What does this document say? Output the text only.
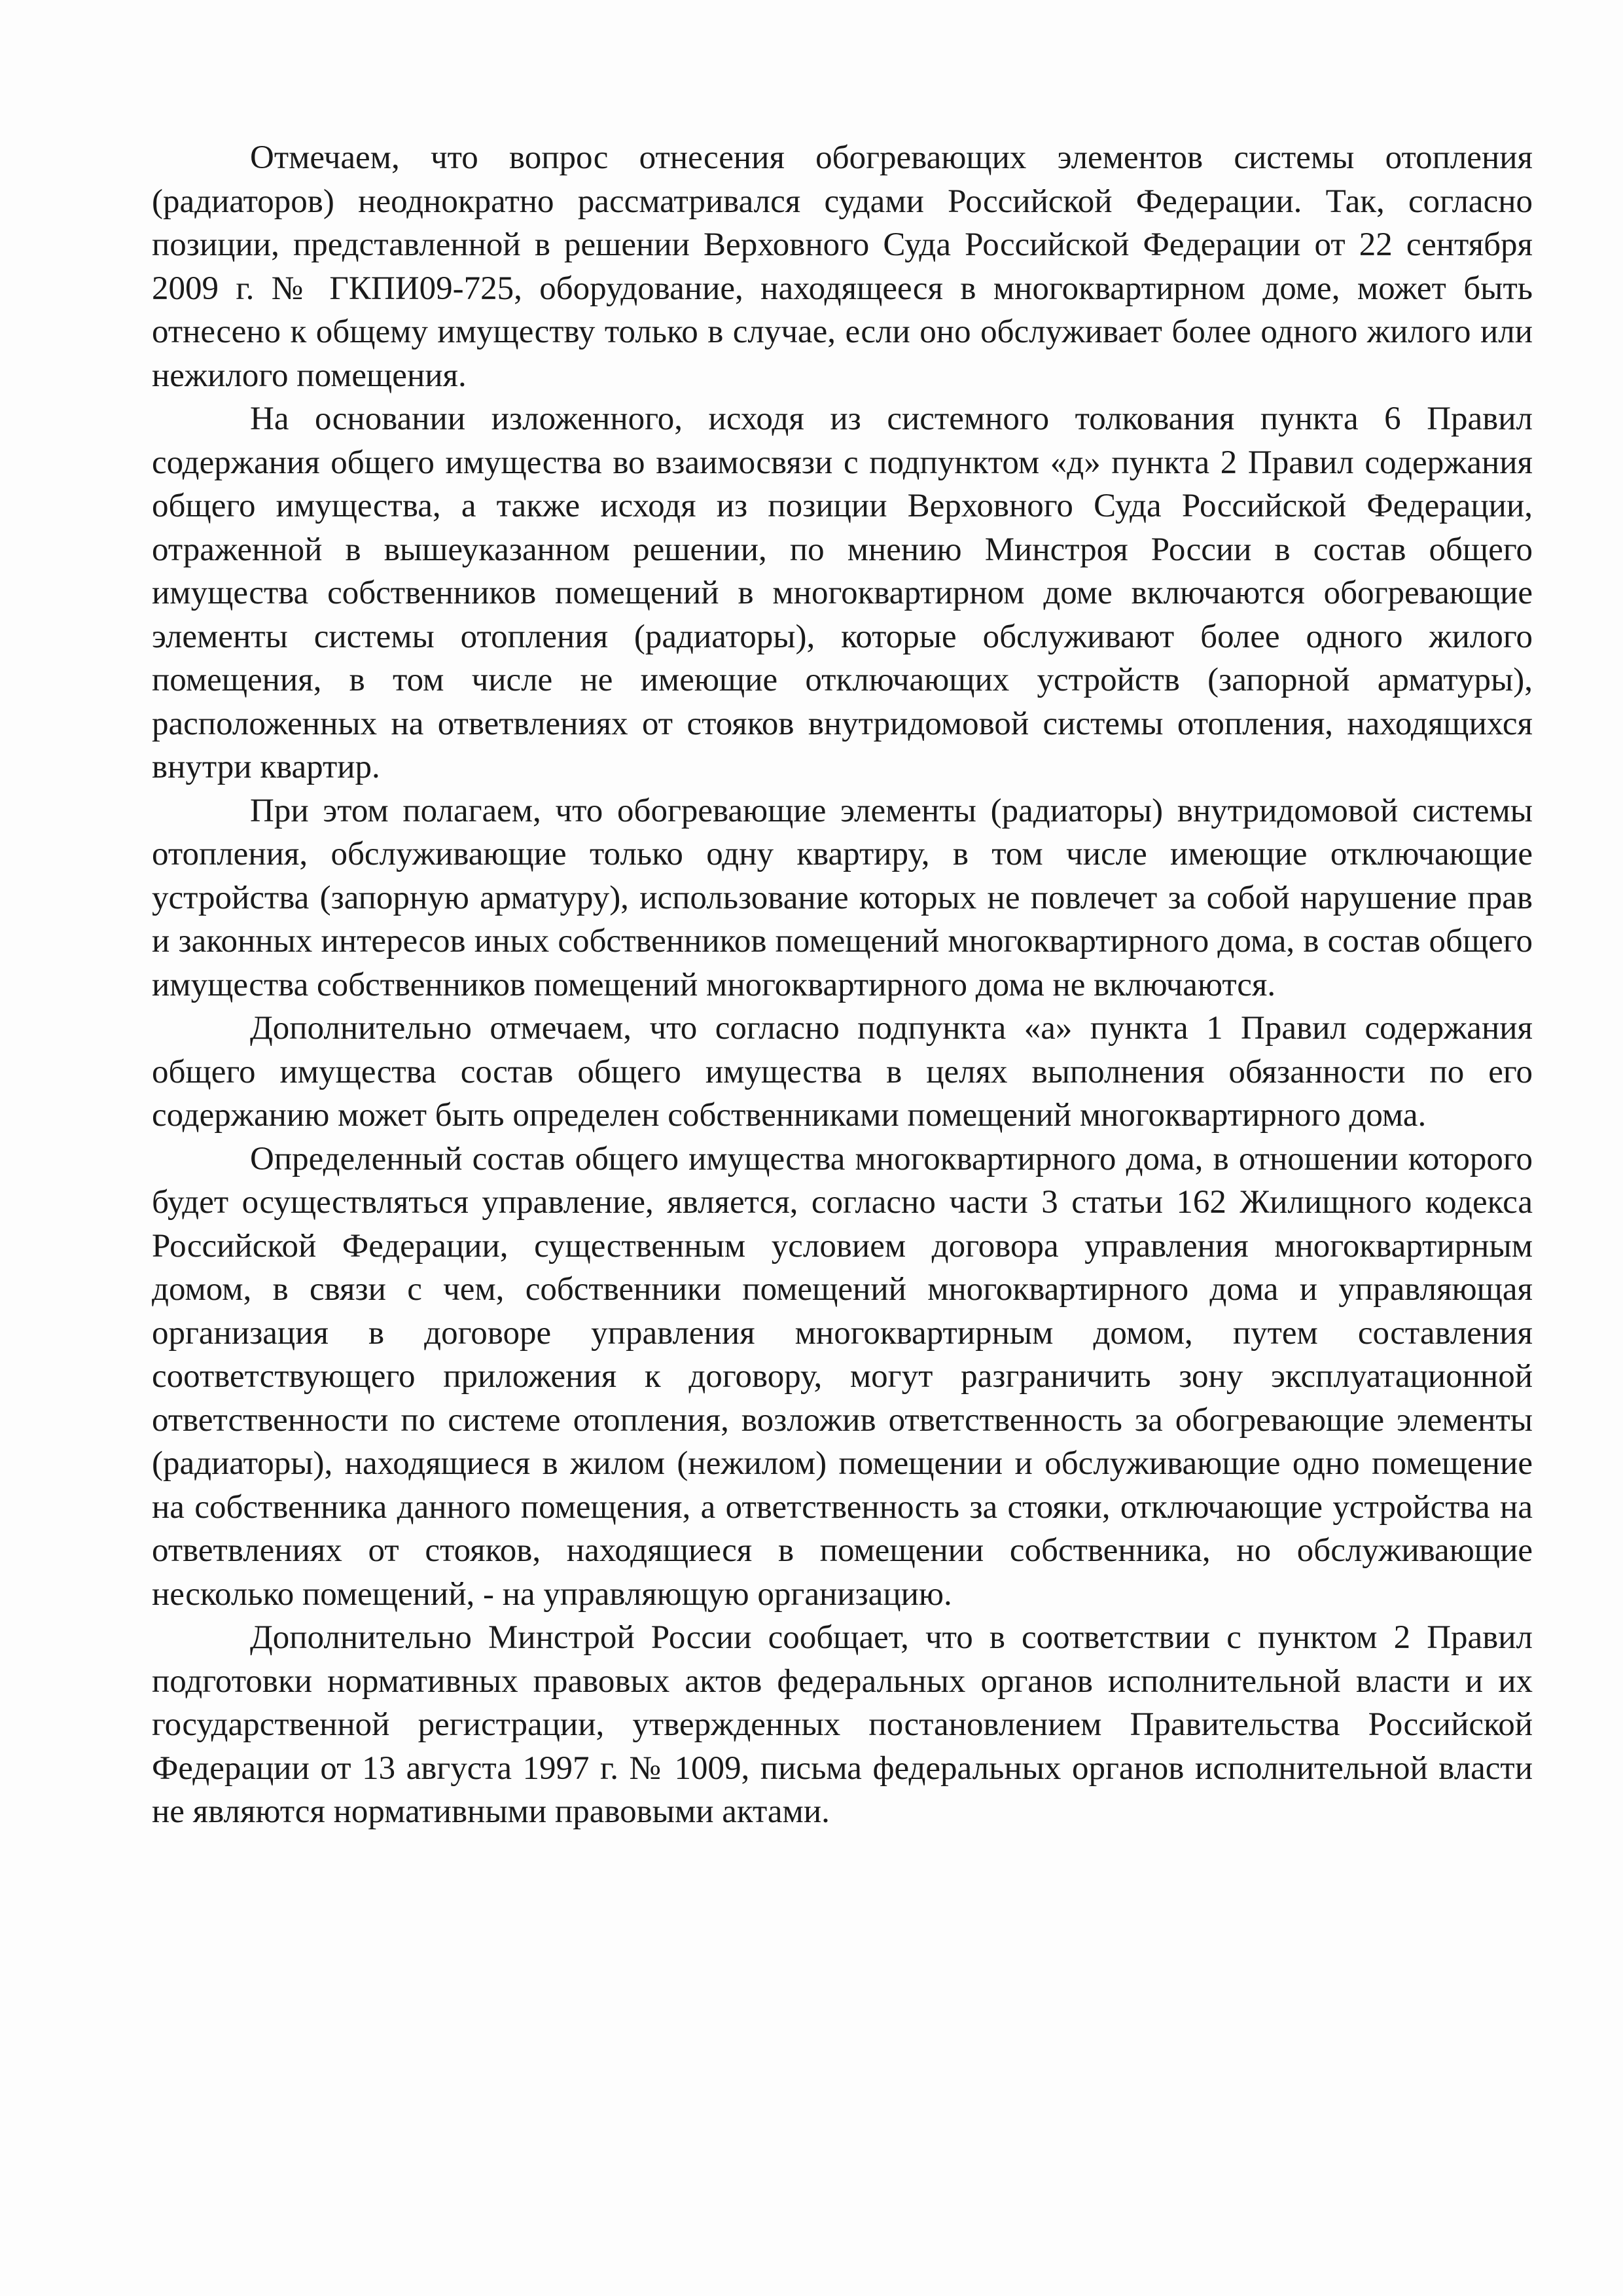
Отмечаем, что вопрос отнесения обогревающих элементов системы отопления (радиаторов) неоднократно рассматривался судами Российской Федерации. Так, согласно позиции, представленной в решении Верховного Суда Российской Федерации от 22 сентября 2009 г. № ГКПИ09-725, оборудование, находящееся в многоквартирном доме, может быть отнесено к общему имуществу только в случае, если оно обслуживает более одного жилого или нежилого помещения.

На основании изложенного, исходя из системного толкования пункта 6 Правил содержания общего имущества во взаимосвязи с подпунктом «д» пункта 2 Правил содержания общего имущества, а также исходя из позиции Верховного Суда Российской Федерации, отраженной в вышеуказанном решении, по мнению Минстроя России в состав общего имущества собственников помещений в многоквартирном доме включаются обогревающие элементы системы отопления (радиаторы), которые обслуживают более одного жилого помещения, в том числе не имеющие отключающих устройств (запорной арматуры), расположенных на ответвлениях от стояков внутридомовой системы отопления, находящихся внутри квартир.

При этом полагаем, что обогревающие элементы (радиаторы) внутридомовой системы отопления, обслуживающие только одну квартиру, в том числе имеющие отключающие устройства (запорную арматуру), использование которых не повлечет за собой нарушение прав и законных интересов иных собственников помещений многоквартирного дома, в состав общего имущества собственников помещений многоквартирного дома не включаются.

Дополнительно отмечаем, что согласно подпункта «а» пункта 1 Правил содержания общего имущества состав общего имущества в целях выполнения обязанности по его содержанию может быть определен собственниками помещений многоквартирного дома.

Определенный состав общего имущества многоквартирного дома, в отношении которого будет осуществляться управление, является, согласно части 3 статьи 162 Жилищного кодекса Российской Федерации, существенным условием договора управления многоквартирным домом, в связи с чем, собственники помещений многоквартирного дома и управляющая организация в договоре управления многоквартирным домом, путем составления соответствующего приложения к договору, могут разграничить зону эксплуатационной ответственности по системе отопления, возложив ответственность за обогревающие элементы (радиаторы), находящиеся в жилом (нежилом) помещении и обслуживающие одно помещение на собственника данного помещения, а ответственность за стояки, отключающие устройства на ответвлениях от стояков, находящиеся в помещении собственника, но обслуживающие несколько помещений, - на управляющую организацию.

Дополнительно Минстрой России сообщает, что в соответствии с пунктом 2 Правил подготовки нормативных правовых актов федеральных органов исполнительной власти и их государственной регистрации, утвержденных постановлением Правительства Российской Федерации от 13 августа 1997 г. № 1009, письма федеральных органов исполнительной власти не являются нормативными правовыми актами.
